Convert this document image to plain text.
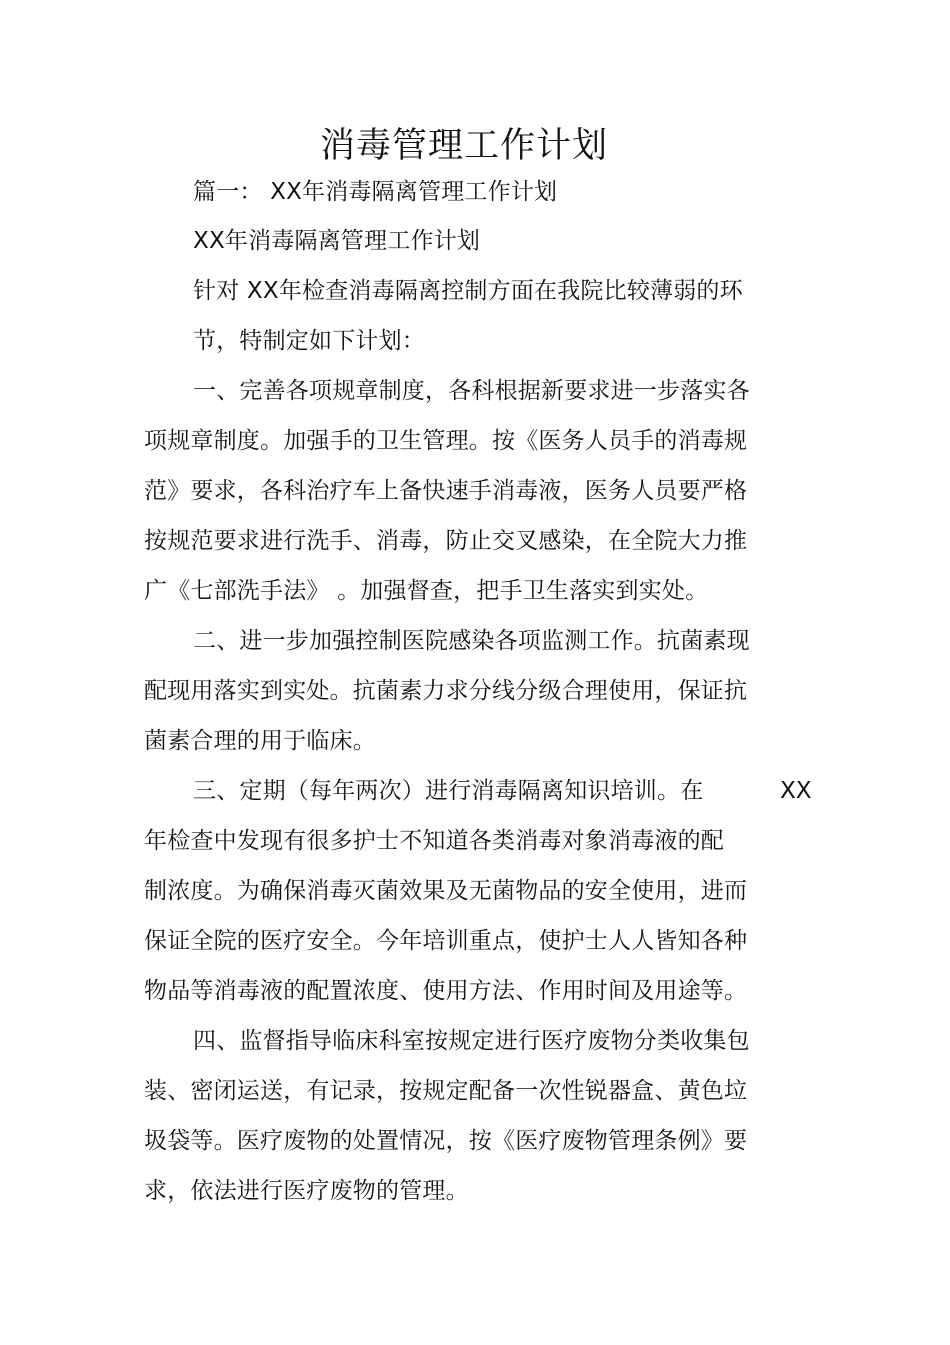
消毒管理工作计划
篇一： XX年消毒隔离管理工作计划
XX年消毒隔离管理工作计划
针对 XX年检查消毒隔离控制方面在我院比较薄弱的环
节，特制定如下计划：
一、完善各项规章制度，各科根据新要求进一步落实各
项规章制度。加强手的卫生管理。按《医务人员手的消毒规
范》要求，各科治疗车上备快速手消毒液，医务人员要严格
按规范要求进行洗手、消毒，防止交叉感染，在全院大力推
广《七部洗手法》 。加强督查，把手卫生落实到实处。
二、进一步加强控制医院感染各项监测工作。抗菌素现
配现用落实到实处。抗菌素力求分线分级合理使用，保证抗
菌素合理的用于临床。
三、定期（每年两次）进行消毒隔离知识培训。在	XX
年检查中发现有很多护士不知道各类消毒对象消毒液的配
制浓度。为确保消毒灭菌效果及无菌物品的安全使用，进而
保证全院的医疗安全。今年培训重点，使护士人人皆知各种
物品等消毒液的配置浓度、使用方法、作用时间及用途等。
四、监督指导临床科室按规定进行医疗废物分类收集包
装、密闭运送，有记录，按规定配备一次性锐器盒、黄色垃
圾袋等。医疗废物的处置情况，按《医疗废物管理条例》要
求，依法进行医疗废物的管理。
